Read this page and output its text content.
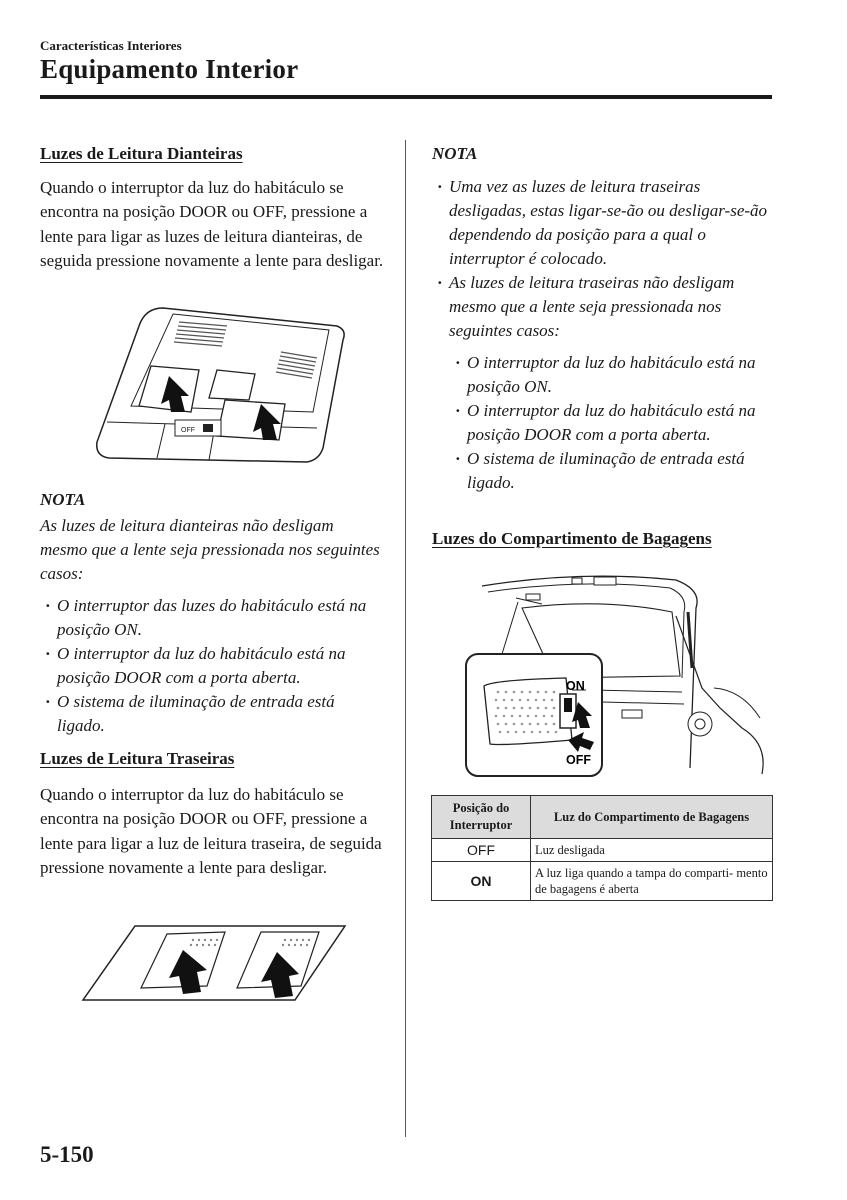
Características Interiores
Equipamento Interior
Luzes de Leitura Dianteiras
Quando o interruptor da luz do habitáculo se encontra na posição DOOR ou OFF, pressione a lente para ligar as luzes de leitura dianteiras, de seguida pressione novamente a lente para desligar.
OFF
NOTA
As luzes de leitura dianteiras não desligam mesmo que a lente seja pressionada nos seguintes casos:
· O interruptor das luzes do habitáculo está na posição ON.
· O interruptor da luz do habitáculo está na posição DOOR com a porta aberta.
· O sistema de iluminação de entrada está ligado.
Luzes de Leitura Traseiras
Quando o interruptor da luz do habitáculo se encontra na posição DOOR ou OFF, pressione a lente para ligar a luz de leitura traseira, de seguida pressione novamente a lente para desligar.
5-150
NOTA
· Uma vez as luzes de leitura traseiras desligadas, estas ligar-se-ão ou desligar-se-ão dependendo da posição para a qual o interruptor é colocado.
· As luzes de leitura traseiras não desligam mesmo que a lente seja pressionada nos seguintes casos:
· O interruptor da luz do habitáculo está na posição ON.
· O interruptor da luz do habitáculo está na posição DOOR com a porta aberta.
· O sistema de iluminação de entrada está ligado.
Luzes do Compartimento de Bagagens
ON
OFF
Posição do Interruptor	Luz do Compartimento de Bagagens
OFF	Luz desligada
ON	A luz liga quando a tampa do comparti- mento de bagagens é aberta
